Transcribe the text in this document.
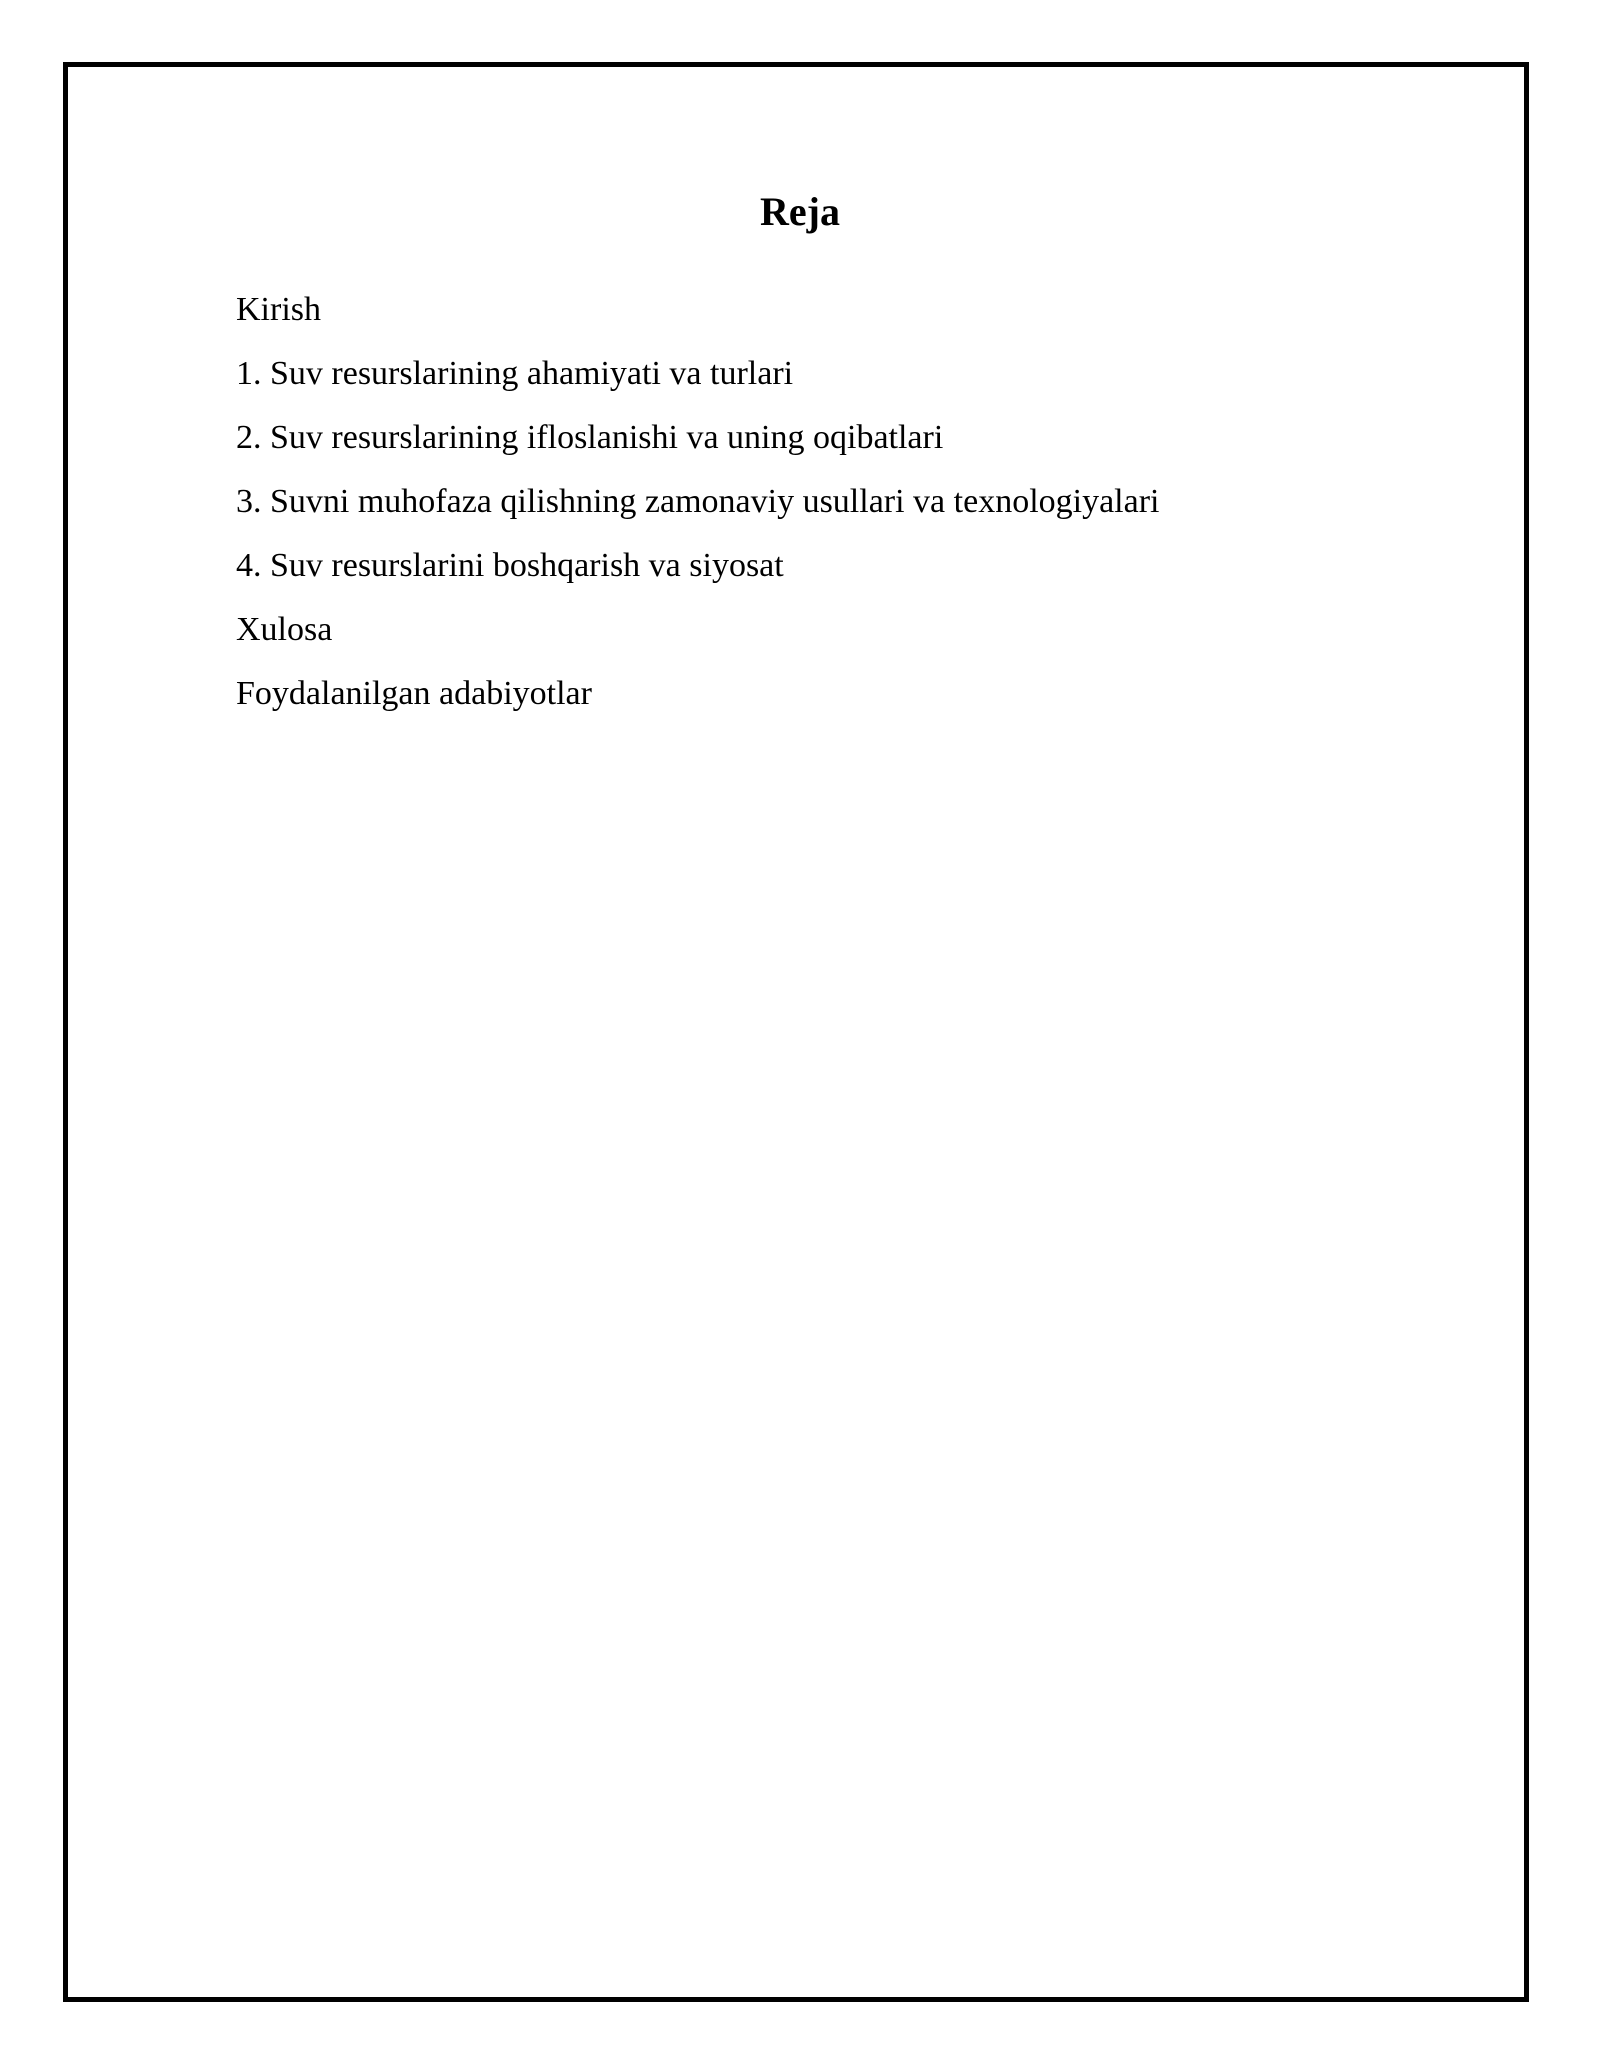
Reja
Kirish
1. Suv resurslarining ahamiyati va turlari
2. Suv resurslarining ifloslanishi va uning oqibatlari
3. Suvni muhofaza qilishning zamonaviy usullari va texnologiyalari
4. Suv resurslarini boshqarish va siyosat
Xulosa
Foydalanilgan adabiyotlar
